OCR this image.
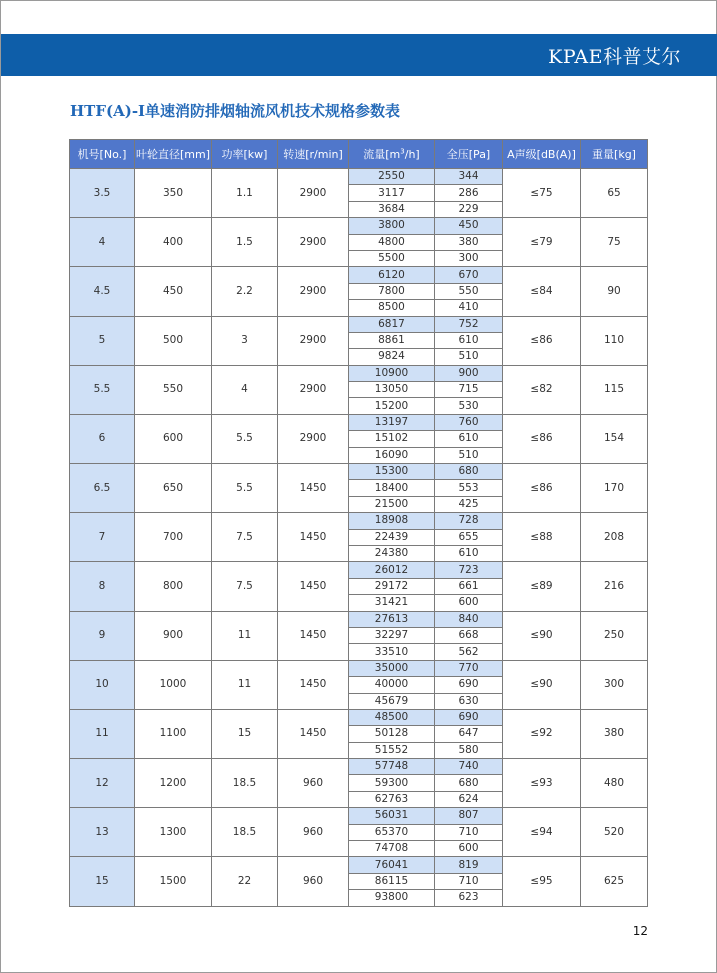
KPAE科普艾尔
HTF(A)-I单速消防排烟轴流风机技术规格参数表
机号[No.]	叶轮直径[mm]	功率[kw]	转速[r/min]	流量$[m^3/h]$	全压[Pa]	A声级[dB(A)]	重量[kg]
3.5	350	1.1	2900	2550	344	≤75	65
				3117	286		
				3684	229		
4	400	1.5	2900	3800	450	≤79	75
				4800	380		
				5500	300		
4.5	450	2.2	2900	6120	670	≤84	90
				7800	550		
				8500	410		
5	500	3	2900	6817	752	≤86	110
				8861	610		
				9824	510		
5.5	550	4	2900	10900	900	≤82	115
				13050	715		
				15200	530		
6	600	5.5	2900	13197	760	≤86	154
				15102	610		
				16090	510		
6.5	650	5.5	1450	15300	680	≤86	170
				18400	553		
				21500	425		
7	700	7.5	1450	18908	728	≤88	208
				22439	655		
				24380	610		
8	800	7.5	1450	26012	723	≤89	216
				29172	661		
				31421	600		
9	900	11	1450	27613	840	≤90	250
				32297	668		
				33510	562		
10	1000	11	1450	35000	770	≤90	300
				40000	690		
				45679	630		
11	1100	15	1450	48500	690	≤92	380
				50128	647		
				51552	580		
12	1200	18.5	960	57748	740	≤93	480
				59300	680		
				62763	624		
13	1300	18.5	960	56031	807	≤94	520
				65370	710		
				74708	600		
15	1500	22	960	76041	819	≤95	625
				86115	710		
				93800	623		
12
